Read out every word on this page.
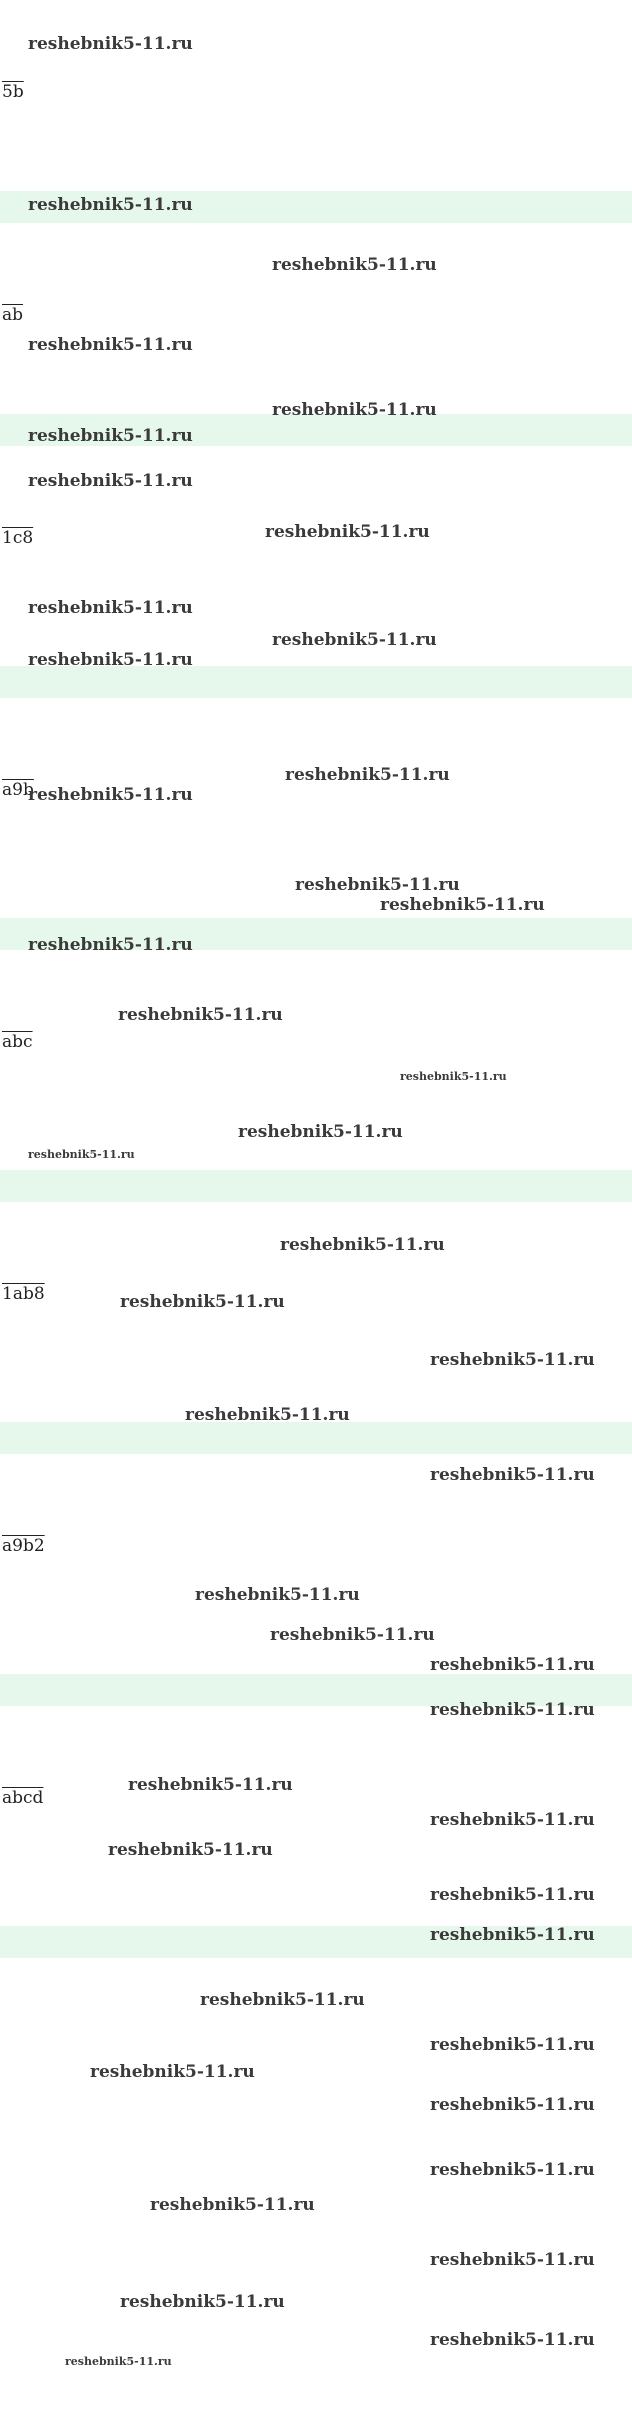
5b
$\overline{ab}$
1c8
a9b
$\overline{abc}$
1ab8
a9b2
abcd
reshebnik5-11.ru
reshebnik5-11.ru
reshebnik5-11.ru
reshebnik5-11.ru
reshebnik5-11.ru
reshebnik5-11.ru
reshebnik5-11.ru
reshebnik5-11.ru
reshebnik5-11.ru
reshebnik5-11.ru
reshebnik5-11.ru
reshebnik5-11.ru
reshebnik5-11.ru
reshebnik5-11.ru
reshebnik5-11.ru
reshebnik5-11.ru
reshebnik5-11.ru
reshebnik5-11.ru
reshebnik5-11.ru
reshebnik5-11.ru
reshebnik5-11.ru
reshebnik5-11.ru
reshebnik5-11.ru
reshebnik5-11.ru
reshebnik5-11.ru
reshebnik5-11.ru
reshebnik5-11.ru
reshebnik5-11.ru
reshebnik5-11.ru
reshebnik5-11.ru
reshebnik5-11.ru
reshebnik5-11.ru
reshebnik5-11.ru
reshebnik5-11.ru
reshebnik5-11.ru
reshebnik5-11.ru
reshebnik5-11.ru
reshebnik5-11.ru
reshebnik5-11.ru
reshebnik5-11.ru
reshebnik5-11.ru
reshebnik5-11.ru
reshebnik5-11.ru
reshebnik5-11.ru
